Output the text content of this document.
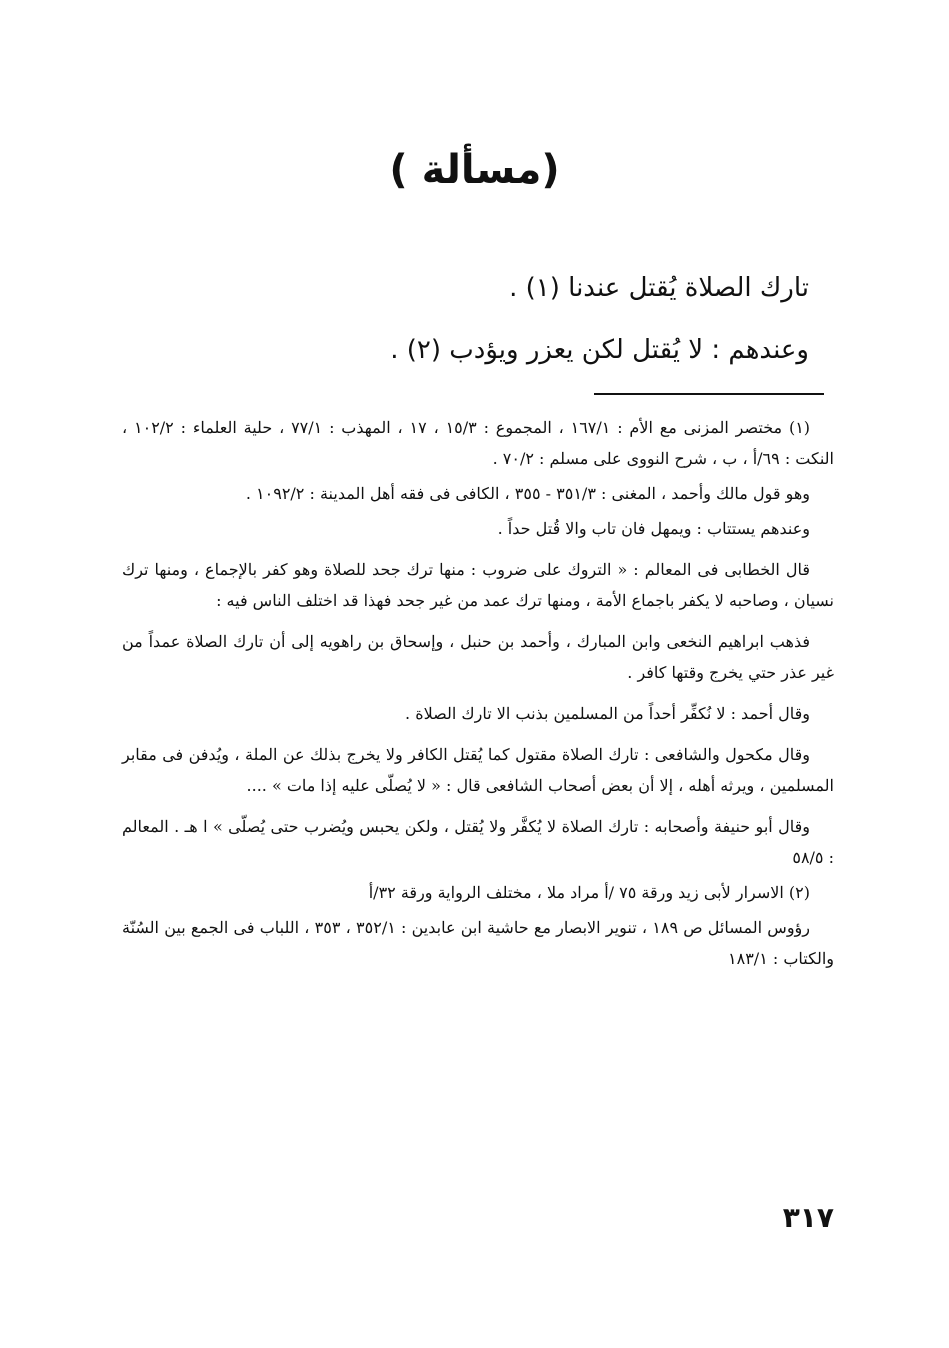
(مسألة )
تارك الصلاة يُقتل عندنا (١) .
وعندهم : لا يُقتل لكن يعزر ويؤدب (٢) .

(١) مختصر المزنى مع الأم : ١٦٧/١ ، المجموع : ١٥/٣ ، ١٧ ، المهذب : ٧٧/١ ، حلية العلماء : ١٠٢/٢ ، النكت : ٦٩/أ ، ب ، شرح النووى على مسلم : ٧٠/٢ .

وهو قول مالك وأحمد ، المغنى : ٣٥١/٣ - ٣٥٥ ، الكافى فى فقه أهل المدينة : ١٠٩٢/٢ .

وعندهم يستتاب : ويمهل فان تاب والا قُتل حداً .

قال الخطابى فى المعالم : « التروك على ضروب : منها ترك جحد للصلاة وهو كفر بالإجماع ، ومنها ترك نسيان ، وصاحبه لا يكفر باجماع الأمة ، ومنها ترك عمد من غير جحد فهذا قد اختلف الناس فيه :

فذهب ابراهيم النخعى وابن المبارك ، وأحمد بن حنبل ، وإسحاق بن راهويه إلى أن تارك الصلاة عمداً من غير عذر حتي يخرج وقتها كافر .

وقال أحمد : لا نُكفِّر أحداً من المسلمين بذنب الا تارك الصلاة .

وقال مكحول والشافعى : تارك الصلاة مقتول كما يُقتل الكافر ولا يخرج بذلك عن الملة ، ويُدفن فى مقابر المسلمين ، ويرثه أهله ، إلا أن بعض أصحاب الشافعى قال : « لا يُصلّى عليه إذا مات » ....

وقال أبو حنيفة وأصحابه : تارك الصلاة لا يُكفَّر ولا يُقتل ، ولكن يحبس ويُضرب حتى يُصلّى » ا هـ . المعالم : ٥٨/٥

(٢) الاسرار لأبى زيد ورقة ٧٥ /أ مراد ملا ، مختلف الرواية ورقة ٣٢/أ

رؤوس المسائل ص ١٨٩ ، تنوير الابصار مع حاشية ابن عابدين : ٣٥٢/١ ، ٣٥٣ ، اللباب فى الجمع بين السُنّة والكتاب : ١٨٣/١

٣١٧
